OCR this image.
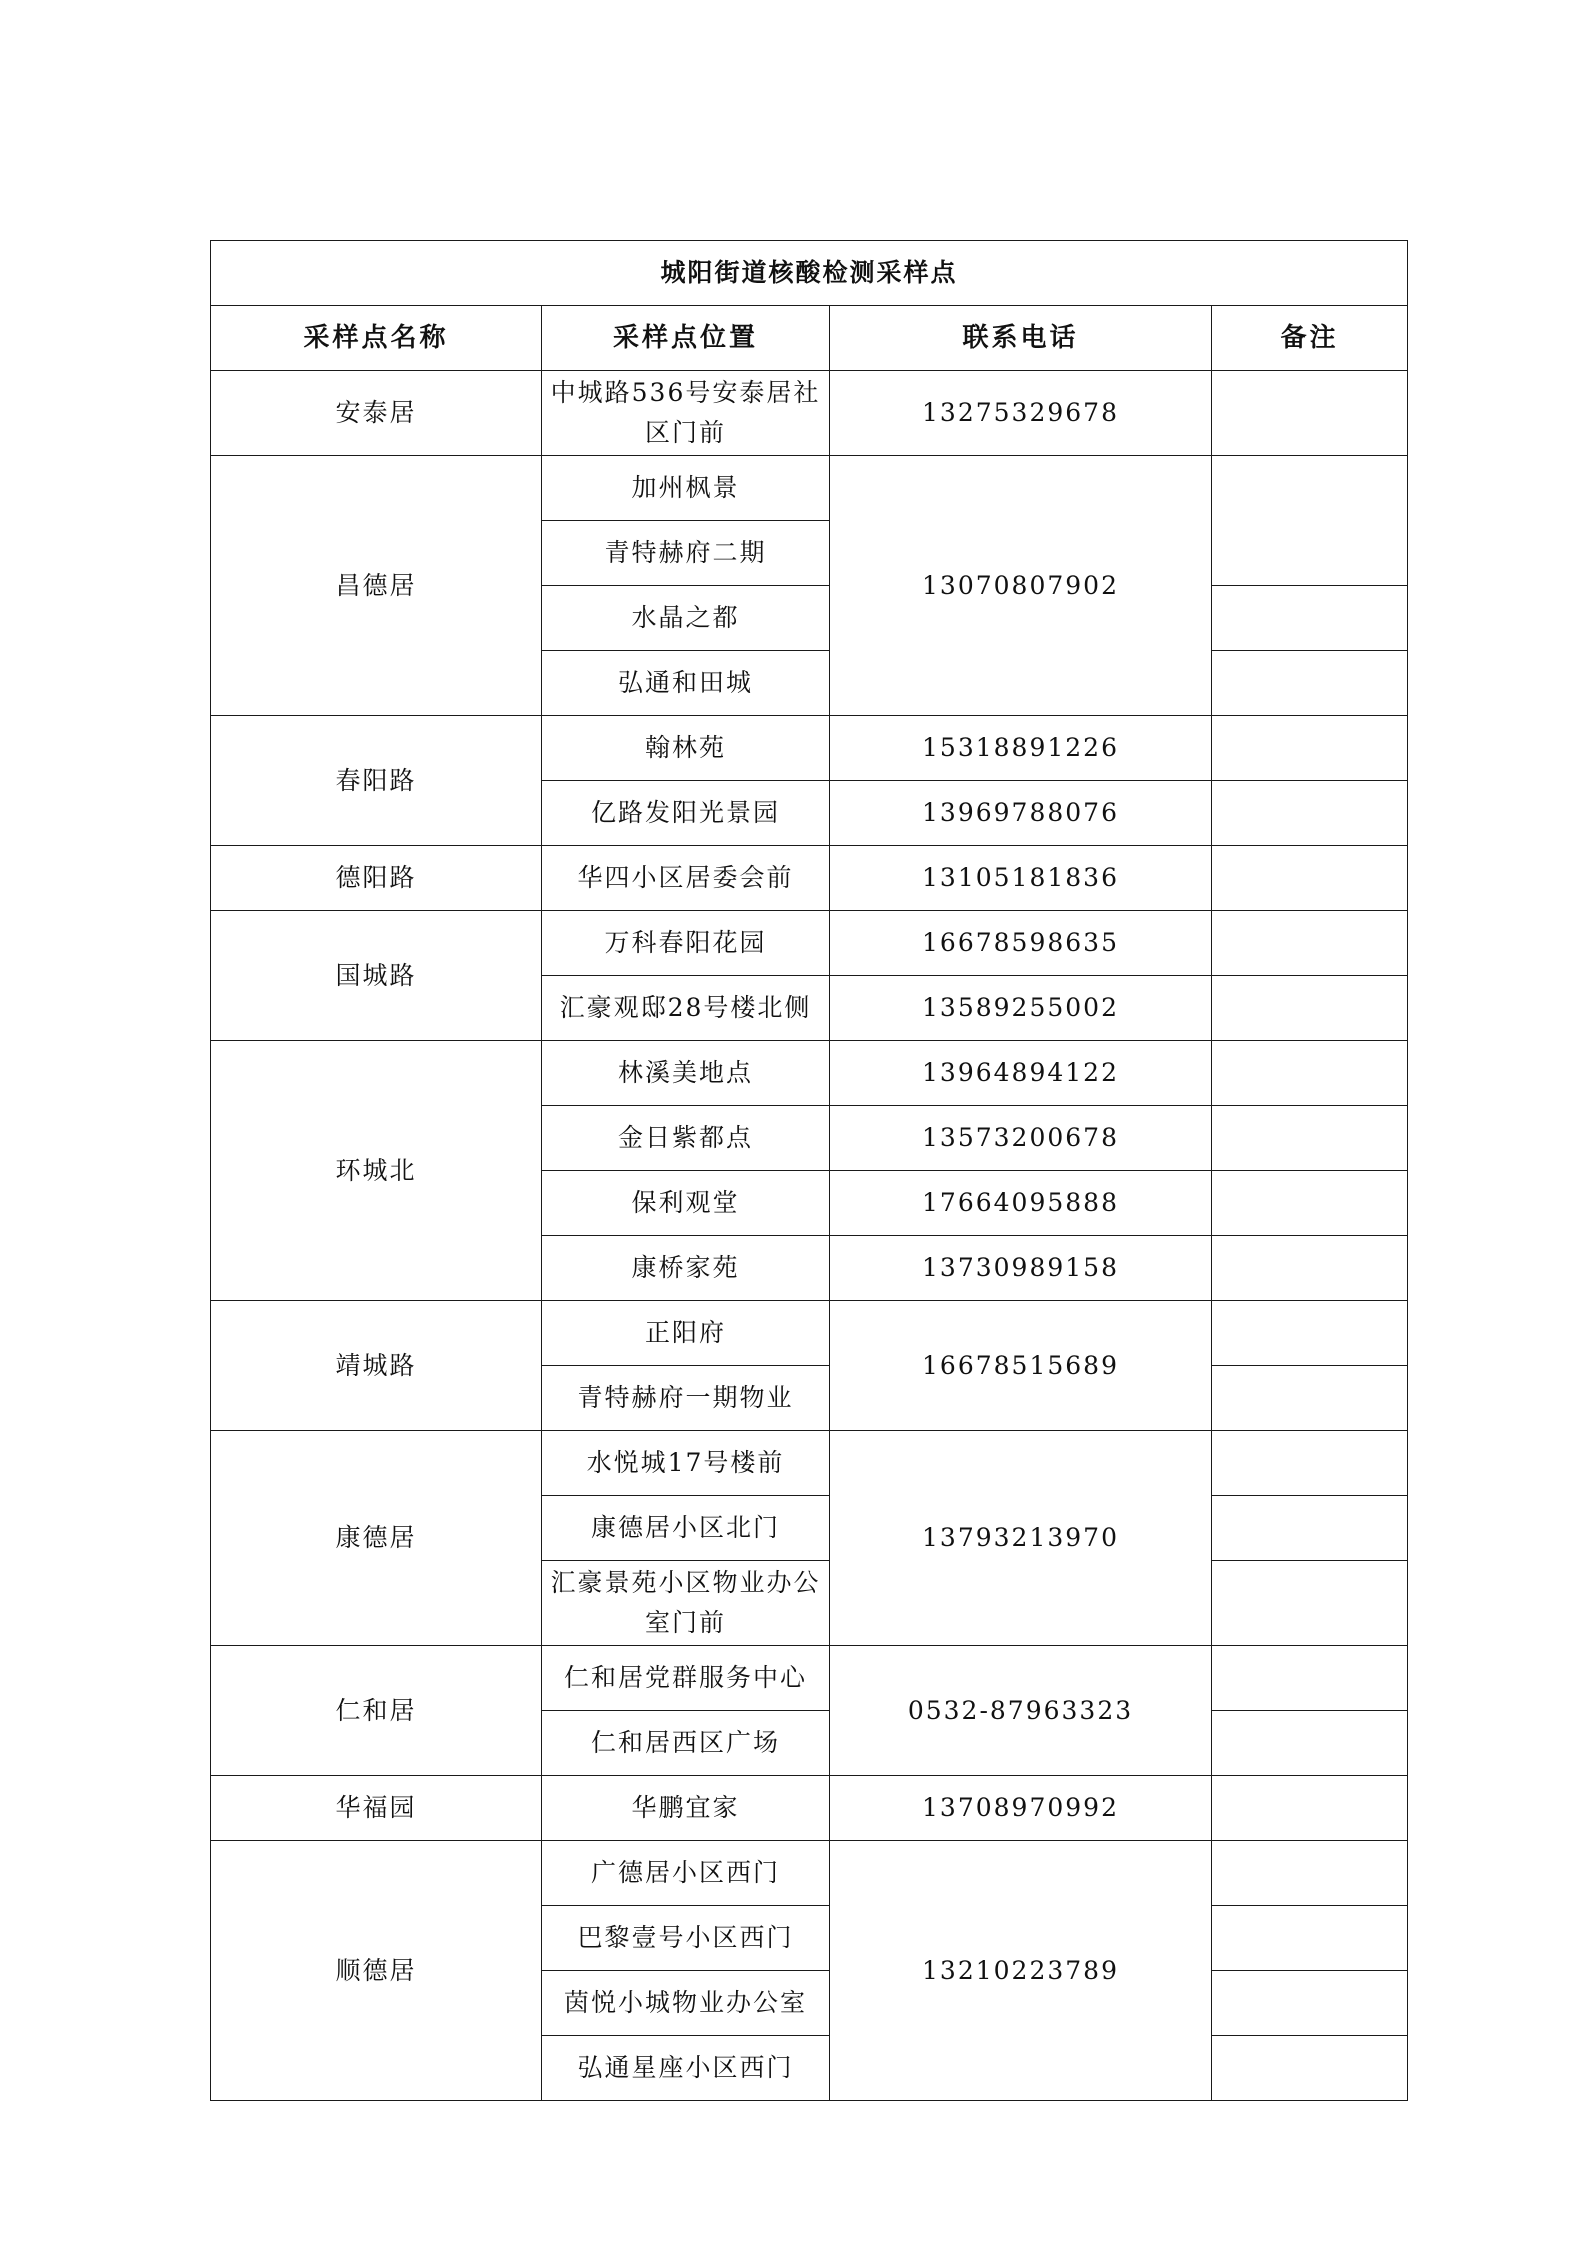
城阳街道核酸检测采样点			
采样点名称	采样点位置	联系电话	备注
安泰居	中城路536号安泰居社区门前	13275329678	
昌德居	加州枫景	13070807902	
	青特赫府二期		
	水晶之都		
	弘通和田城		
春阳路	翰林苑	15318891226	
	亿路发阳光景园	13969788076	
德阳路	华四小区居委会前	13105181836	
国城路	万科春阳花园	16678598635	
	汇豪观邸28号楼北侧	13589255002	
环城北	林溪美地点	13964894122	
	金日紫都点	13573200678	
	保利观堂	17664095888	
	康桥家苑	13730989158	
靖城路	正阳府	16678515689	
	青特赫府一期物业		
康德居	水悦城17号楼前	13793213970	
	康德居小区北门		
	汇豪景苑小区物业办公室门前		
仁和居	仁和居党群服务中心	0532-87963323	
	仁和居西区广场		
华福园	华鹏宜家	13708970992	
顺德居	广德居小区西门	13210223789	
	巴黎壹号小区西门		
	茵悦小城物业办公室		
	弘通星座小区西门		
